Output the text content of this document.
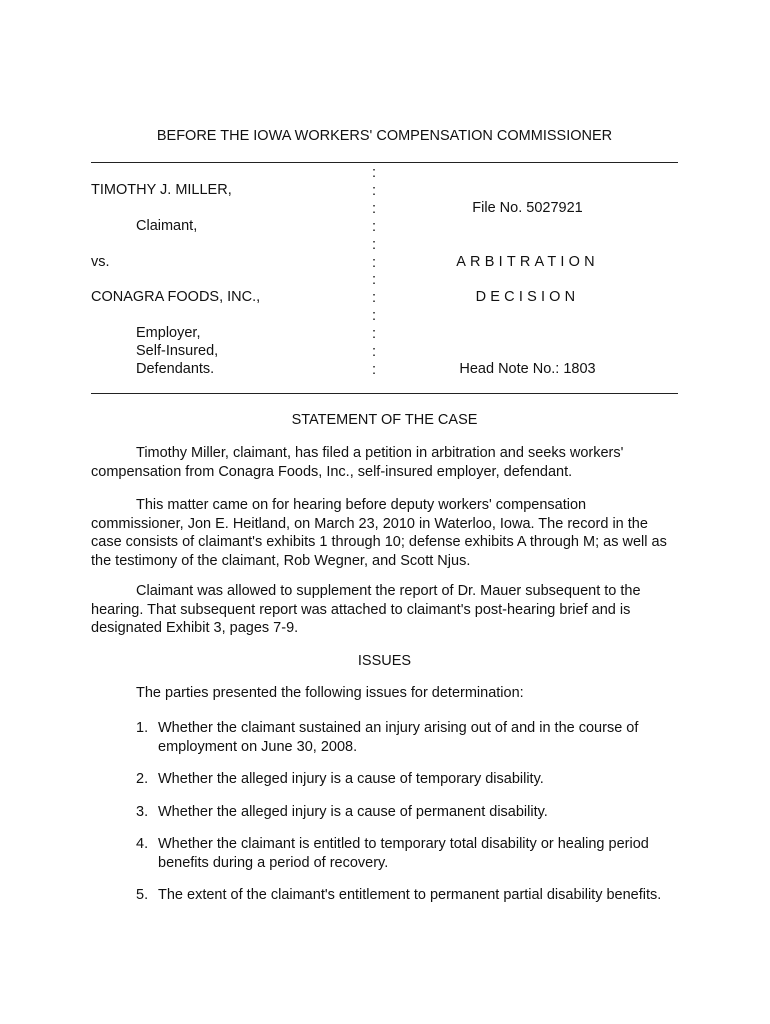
BEFORE THE IOWA WORKERS' COMPENSATION COMMISSIONER
TIMOTHY J. MILLER,
Claimant,
vs.
CONAGRA FOODS, INC.,
Employer,
Self-Insured,
Defendants.
:
:
:
:
:
:
:
:
:
:
:
:
File No. 5027921
ARBITRATION
DECISION
Head Note No.: 1803
STATEMENT OF THE CASE
Timothy Miller, claimant, has filed a petition in arbitration and seeks workers' compensation from Conagra Foods, Inc., self-insured employer, defendant.
This matter came on for hearing before deputy workers' compensation commissioner, Jon E. Heitland, on March 23, 2010 in Waterloo, Iowa. The record in the case consists of claimant's exhibits 1 through 10; defense exhibits A through M; as well as the testimony of the claimant, Rob Wegner, and Scott Njus.
Claimant was allowed to supplement the report of Dr. Mauer subsequent to the hearing. That subsequent report was attached to claimant's post-hearing brief and is designated Exhibit 3, pages 7-9.
ISSUES
The parties presented the following issues for determination:
1. Whether the claimant sustained an injury arising out of and in the course of employment on June 30, 2008.
2. Whether the alleged injury is a cause of temporary disability.
3. Whether the alleged injury is a cause of permanent disability.
4. Whether the claimant is entitled to temporary total disability or healing period benefits during a period of recovery.
5. The extent of the claimant's entitlement to permanent partial disability benefits.
